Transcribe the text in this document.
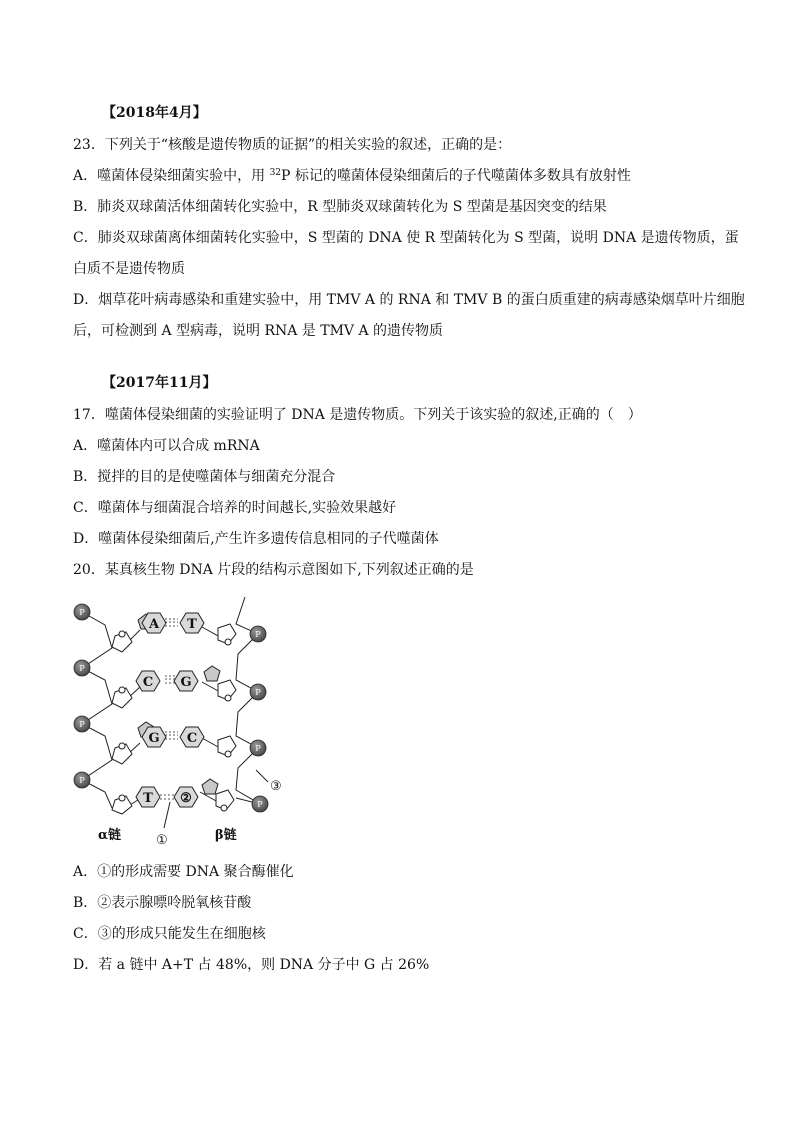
【2018年4月】
23．下列关于“核酸是遗传物质的证据”的相关实验的叙述，正确的是：
A．噬菌体侵染细菌实验中，用 $^{32}$P 标记的噬菌体侵染细菌后的子代噬菌体多数具有放射性
B．肺炎双球菌活体细菌转化实验中，R 型肺炎双球菌转化为 S 型菌是基因突变的结果
C．肺炎双球菌离体细菌转化实验中，S 型菌的 DNA 使 R 型菌转化为 S 型菌，说明 DNA 是遗传物质，蛋
白质不是遗传物质
D．烟草花叶病毒感染和重建实验中，用 TMV A 的 RNA 和 TMV B 的蛋白质重建的病毒感染烟草叶片细胞
后，可检测到 A 型病毒，说明 RNA 是 TMV A 的遗传物质
【2017年11月】
17．噬菌体侵染细菌的实验证明了 DNA 是遗传物质。下列关于该实验的叙述,正确的（　）
A．噬菌体内可以合成 mRNA
B．搅拌的目的是使噬菌体与细菌充分混合
C．噬菌体与细菌混合培养的时间越长,实验效果越好
D．噬菌体侵染细菌后,产生许多遗传信息相同的子代噬菌体
20．某真核生物 DNA 片段的结构示意图如下,下列叙述正确的是
A
C
G
T
T
G
C
②
P
P
P
P
P
P
P
P
①
③
α链	β链
A．①的形成需要 DNA 聚合酶催化
B．②表示腺嘌呤脱氧核苷酸
C．③的形成只能发生在细胞核
D．若 a 链中 A+T 占 48%，则 DNA 分子中 G 占 26%
